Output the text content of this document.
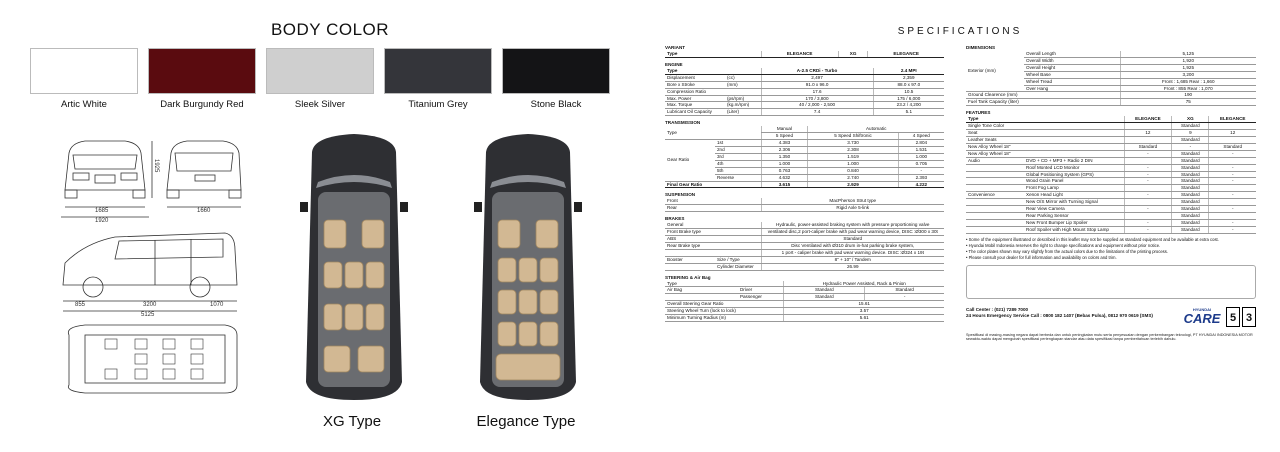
BODY COLOR
Artic White	Dark Burgundy Red	Sleek Silver	Titanium Grey	Stone Black
1685
1920
1925
1660
855	3200	1070
5125
XG Type	Elegance Type
SPECIFICATIONS
VARIANT
Type	ELEGANCE	XG	ELEGANCE
ENGINE
Type		A-2.5 CRDi - Turbo	2.4 MPI
Displacement	(cc)	2,497	2,359
Bore x Stroke	(mm)	91.0 x 96.0	88.0 x 97.0
Compression Ratio		17.6	10.5
Max. Power	(ps/rpm)	170 / 3,800	175 / 6,000
Max. Torque	(kg.m/rpm)	40 / 2,000 - 2,500	23.2 / 4,200
Lubricant Oil Capacity	(Liter)	7.4	5.1
TRANSMISSION
Type		Manual	Automatic	
		5 Speed	5 Speed Shiftronic	4 Speed
Gear Ratio	1st	4.383	3.730	2.804
	2nd	2.306	2.308	1.531
	3rd	1.350	1.519	1.000
	4th	1.000	1.000	0.705
	5th	0.763	0.840	-
	Reverse	4.632	2.740	2.393
Final Gear Ratio		3.615	2.929	4.222
SUSPENSION
Front	MacPherson Strut type
Rear	Rigid Axle 5-link
BRAKES
General		Hydraulic, power-assisted braking system with pressure proportioning valve
Front Brake type		ventilated disc,2 port-caliper brake with pad wear warning device, DISC :Ø300 x 30t
ABS		Standard
Rear Brake type		Disc Ventilated with Ø310 drum in-hat parking brake system,
		1 port - caliper brake with pad wear warning device. DISC :Ø324 x 19t
Booster	Size / Type	8" + 10" / Tandem
	Cylinder Diameter	26.99
STEERING & Air Bag
Type		Hydraulic Power Assisted, Rack & Pinion	
Air Bag	Driver	Standard	Standard
	Passenger	Standard	-
Overall Steering Gear Ratio		15.61	
Steering Wheel Turn (lock to lock)		3.57	
Minimum Turning Radius (m)		5.61	
DIMENSIONS
Exterior (mm)	Overall Length	5,125
	Overall Width	1,920
	Overall Height	1,925
	Wheel Base	3,200
	Wheel Tread	Front : 1,685 Rear : 1,660
	Over Hang	Front : 855 Rear : 1,070
Ground Clearence (mm)		190
Fuel Tank Capacity (liter)		75
FEATURES
Type		ELEGANCE	XG	ELEGANCE
Single Tone Color			Standard	
Seat		12	9	12
Leather Seats			Standard	
New Alloy Wheel 18"		Standard	-	Standard
New Alloy Wheel 18"		-	Standard	-
Audio	DVD + CD + MP3 + Radio 2 DIN		Standard	
	Roof Monted LCD Monitor	-	Standard	-
	Global Positioning System (GPS)	-	Standard	-
	Wood Grain Panel	-	Standard	-
	Front Fog Lamp		Standard	
Convenience	Xenon Head Light	-	Standard	-
	New O/S Mirror with Turning Signal		Standard	
	Rear View Camera	-	Standard	-
	Rear Parking Sensor		Standard	
	New Front Bumper Lip Spoiler	-	Standard	-
	Roof Spoiler with High Mount Stop Lamp	-	Standard	-
• Some of the equipment illustrated or described in this leaflet may not be supplied as standard equipment and be available at extra cost.
• Hyundai Mobil Indonesia reserves the right to change specifications and equipment without prior notice.
• The color plates shown may vary slightly from the actual colors due to the limitations of the printing process.
• Please consult your dealer for full information and availability on colors and trim.
Call Center : (021) 7289 7000
24 Hours Emergency Service Call : 0800 182 1407 (Bebas Pulsa), 0812 970 0619 (SMS)
HYUNDAI
CARE 5 3
Spesifikasi di masing-masing negara dapat berbeda dan untuk peningkatan mutu serta penyesuaian dengan perkembangan teknologi, PT HYUNDAI INDONESIA MOTOR sewaktu-waktu dapat mengubah spesifikasi perlengkapan standar atau data spesifikasi tanpa pemberitahuan terlebih dahulu.
